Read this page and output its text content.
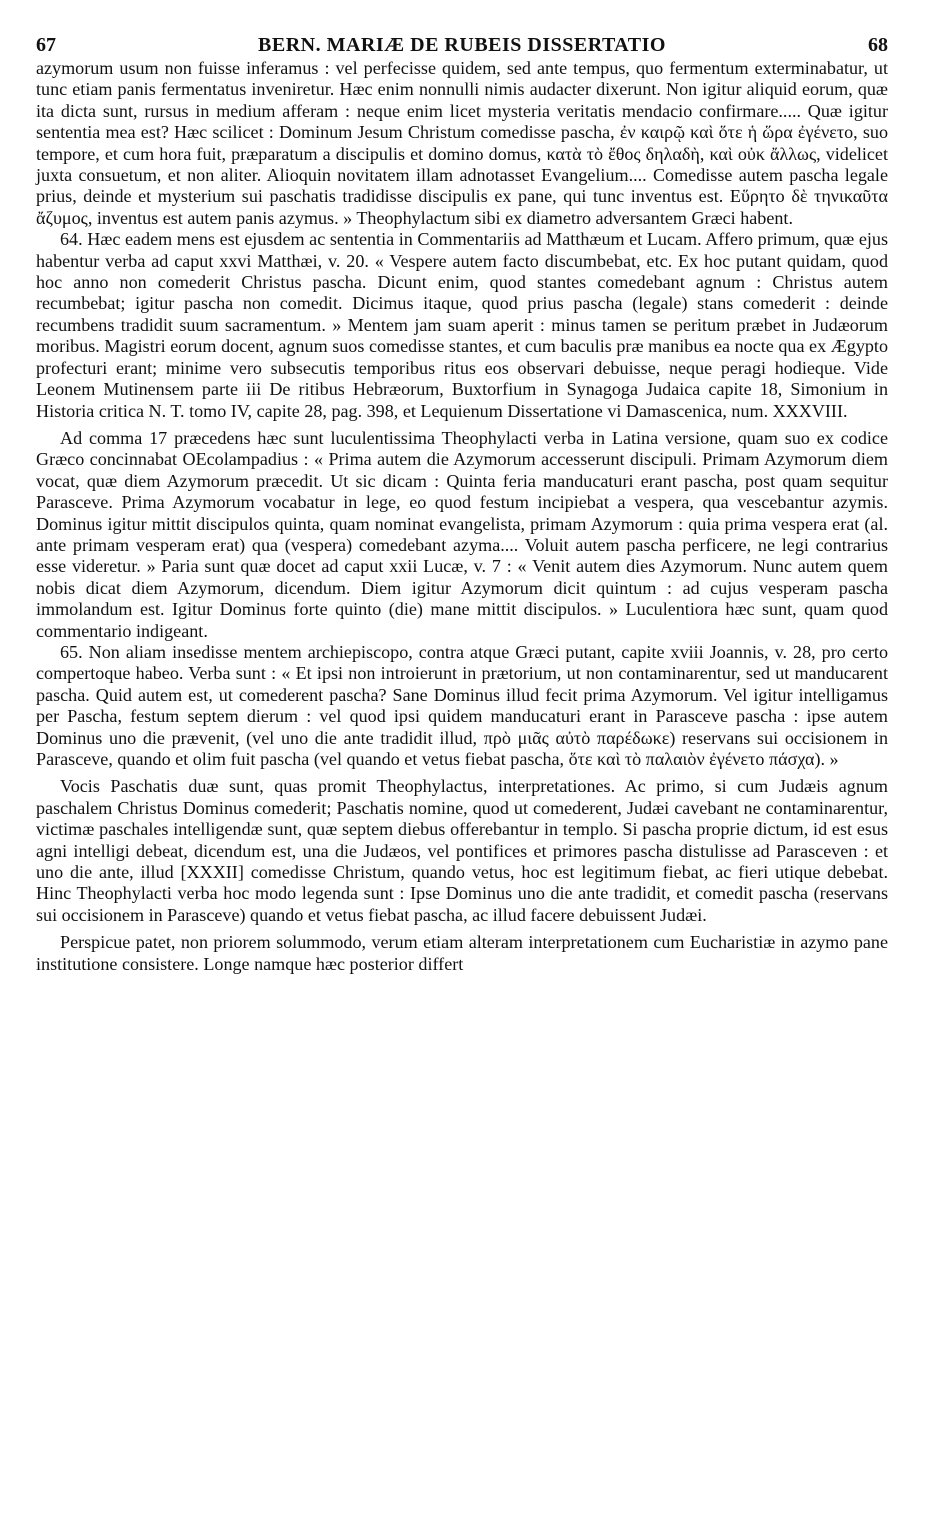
67	BERN. MARIÆ DE RUBEIS DISSERTATIO	68

azymorum usum non fuisse inferamus : vel perfecisse quidem, sed ante tempus, quo fermentum exterminabatur, ut tunc etiam panis fermentatus inveniretur. Hæc enim nonnulli nimis audacter dixerunt. Non igitur aliquid eorum, quæ ita dicta sunt, rursus in medium afferam : neque enim licet mysteria veritatis mendacio confirmare..... Quæ igitur sententia mea est? Hæc scilicet : Dominum Jesum Christum comedisse pascha, ἐν καιρῷ καὶ ὅτε ἡ ὥρα ἐγένετο, suo tempore, et cum hora fuit, præparatum a discipulis et domino domus, κατὰ τὸ ἔθος δηλαδὴ, καὶ οὐκ ἄλλως, videlicet juxta consuetum, et non aliter. Alioquin novitatem illam adnotasset Evangelium.... Comedisse autem pascha legale prius, deinde et mysterium sui paschatis tradidisse discipulis ex pane, qui tunc inventus est. Εὕρητο δὲ τηνικαῦτα ἄζυμος, inventus est autem panis azymus. » Theophylactum sibi ex diametro adversantem Græci habent.

64. Hæc eadem mens est ejusdem ac sententia in Commentariis ad Matthæum et Lucam. Affero primum, quæ ejus habentur verba ad caput xxvi Matthæi, v. 20. « Vespere autem facto discumbebat, etc. Ex hoc putant quidam, quod hoc anno non comederit Christus pascha. Dicunt enim, quod stantes comedebant agnum : Christus autem recumbebat; igitur pascha non comedit. Dicimus itaque, quod prius pascha (legale) stans comederit : deinde recumbens tradidit suum sacramentum. » Mentem jam suam aperit : minus tamen se peritum præbet in Judæorum moribus. Magistri eorum docent, agnum suos comedisse stantes, et cum baculis præ manibus ea nocte qua ex Ægypto profecturi erant; minime vero subsecutis temporibus ritus eos observari debuisse, neque peragi hodieque. Vide Leonem Mutinensem parte iii De ritibus Hebræorum, Buxtorfium in Synagoga Judaica capite 18, Simonium in Historia critica N. T. tomo IV, capite 28, pag. 398, et Lequienum Dissertatione vi Damascenica, num. XXXVIII.

Ad comma 17 præcedens hæc sunt luculentissima Theophylacti verba in Latina versione, quam suo ex codice Græco concinnabat OEcolampadius : « Prima autem die Azymorum accesserunt discipuli. Primam Azymorum diem vocat, quæ diem Azymorum præcedit. Ut sic dicam : Quinta feria manducaturi erant pascha, post quam sequitur Parasceve. Prima Azymorum vocabatur in lege, eo quod festum incipiebat a vespera, qua vescebantur azymis. Dominus igitur mittit discipulos quinta, quam nominat evangelista, primam Azymorum : quia prima vespera erat (al. ante primam vesperam erat) qua (vespera) comedebant azyma.... Voluit autem pascha perficere, ne legi contrarius esse videretur. » Paria sunt quæ docet ad caput xxii Lucæ, v. 7 : « Venit autem dies Azymorum. Nunc autem quem nobis dicat diem Azymorum, dicendum. Diem igitur Azymorum dicit quintum : ad cujus vesperam pascha immolandum est. Igitur Dominus forte quinto (die) mane mittit discipulos. » Luculentiora hæc sunt, quam quod commentario indigeant.

65. Non aliam insedisse mentem archiepiscopo, contra atque Græci putant, capite xviii Joannis, v. 28, pro certo compertoque habeo. Verba sunt : « Et ipsi non introierunt in prætorium, ut non contaminarentur, sed ut manducarent pascha. Quid autem est, ut comederent pascha? Sane Dominus illud fecit prima Azymorum. Vel igitur intelligamus per Pascha, festum septem dierum : vel quod ipsi quidem manducaturi erant in Parasceve pascha : ipse autem Dominus uno die prævenit, (vel uno die ante tradidit illud, πρὸ μιᾶς αὐτὸ παρέδωκε) reservans sui occisionem in Parasceve, quando et olim fuit pascha (vel quando et vetus fiebat pascha, ὅτε καὶ τὸ παλαιὸν ἐγένετο πάσχα). »

Vocis Paschatis duæ sunt, quas promit Theophylactus, interpretationes. Ac primo, si cum Judæis agnum paschalem Christus Dominus comederit; Paschatis nomine, quod ut comederent, Judæi cavebant ne contaminarentur, victimæ paschales intelligendæ sunt, quæ septem diebus offerebantur in templo. Si pascha proprie dictum, id est esus agni intelligi debeat, dicendum est, una die Judæos, vel pontifices et primores pascha distulisse ad Parasceven : et uno die ante, illud [XXXII] comedisse Christum, quando vetus, hoc est legitimum fiebat, ac fieri utique debebat. Hinc Theophylacti verba hoc modo legenda sunt : Ipse Dominus uno die ante tradidit, et comedit pascha (reservans sui occisionem in Parasceve) quando et vetus fiebat pascha, ac illud facere debuissent Judæi.

Perspicue patet, non priorem solummodo, verum etiam alteram interpretationem cum Eucharistiæ in azymo pane institutione consistere. Longe namque hæc posterior differt
